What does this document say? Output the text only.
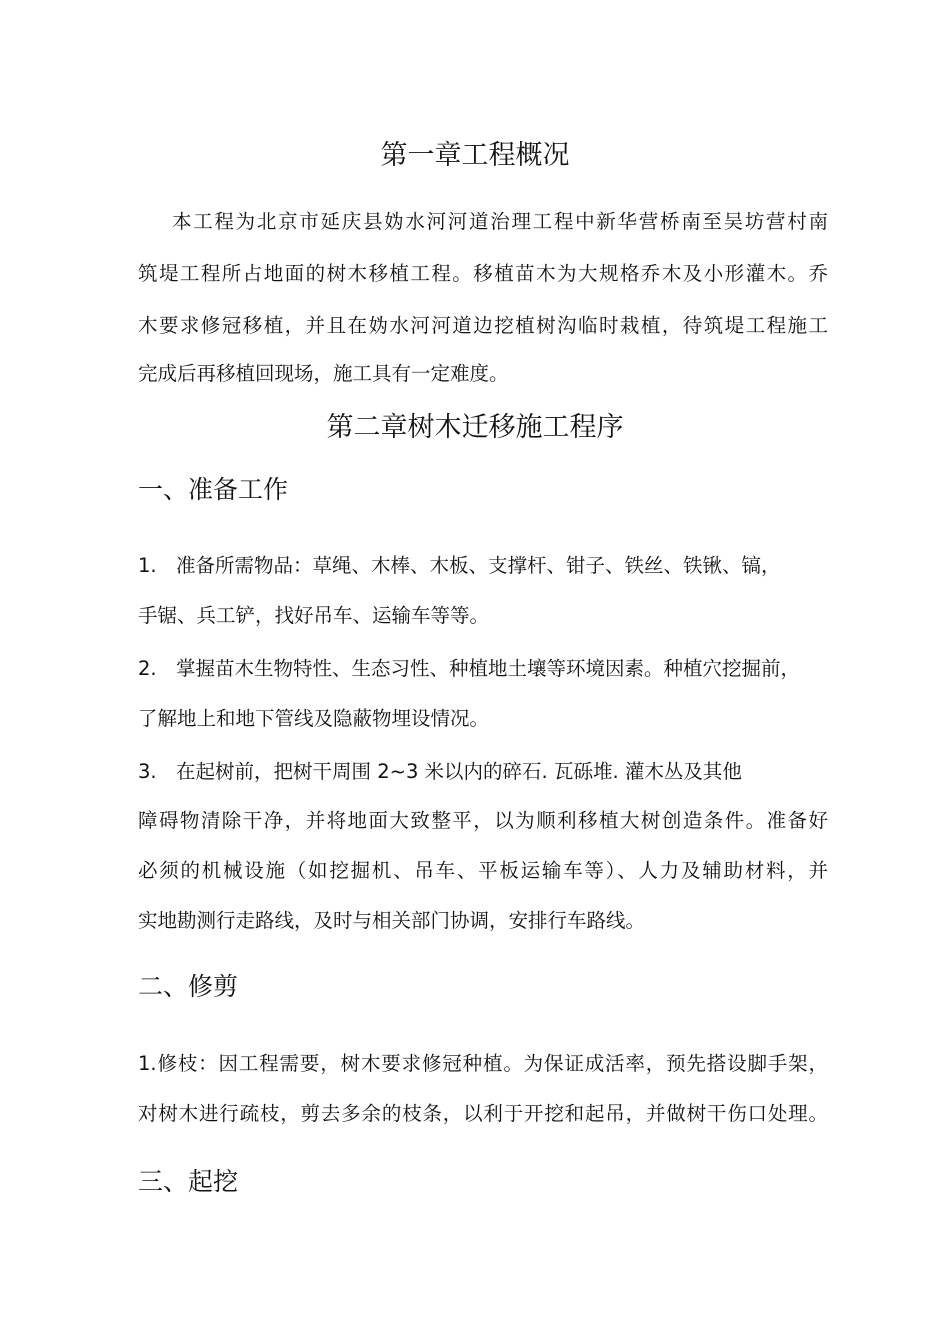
第一章工程概况

本工程为北京市延庆县妫水河河道治理工程中新华营桥南至吴坊营村南

筑堤工程所占地面的树木移植工程。移植苗木为大规格乔木及小形灌木。乔

木要求修冠移植，并且在妫水河河道边挖植树沟临时栽植，待筑堤工程施工

完成后再移植回现场，施工具有一定难度。

第二章树木迁移施工程序
一、准备工作

1. 准备所需物品：草绳、木棒、木板、支撑杆、钳子、铁丝、铁锹、镐，

手锯、兵工铲，找好吊车、运输车等等。

2. 掌握苗木生物特性、生态习性、种植地土壤等环境因素。种植穴挖掘前，

了解地上和地下管线及隐蔽物埋设情况。

3. 在起树前，把树干周围 2~3 米以内的碎石. 瓦砾堆. 灌木丛及其他

障碍物清除干净，并将地面大致整平，以为顺利移植大树创造条件。准备好

必须的机械设施（如挖掘机、吊车、平板运输车等）、人力及辅助材料，并

实地勘测行走路线，及时与相关部门协调，安排行车路线。

二、修剪

1.修枝：因工程需要，树木要求修冠种植。为保证成活率，预先搭设脚手架，

对树木进行疏枝，剪去多余的枝条，以利于开挖和起吊，并做树干伤口处理。

三、起挖
